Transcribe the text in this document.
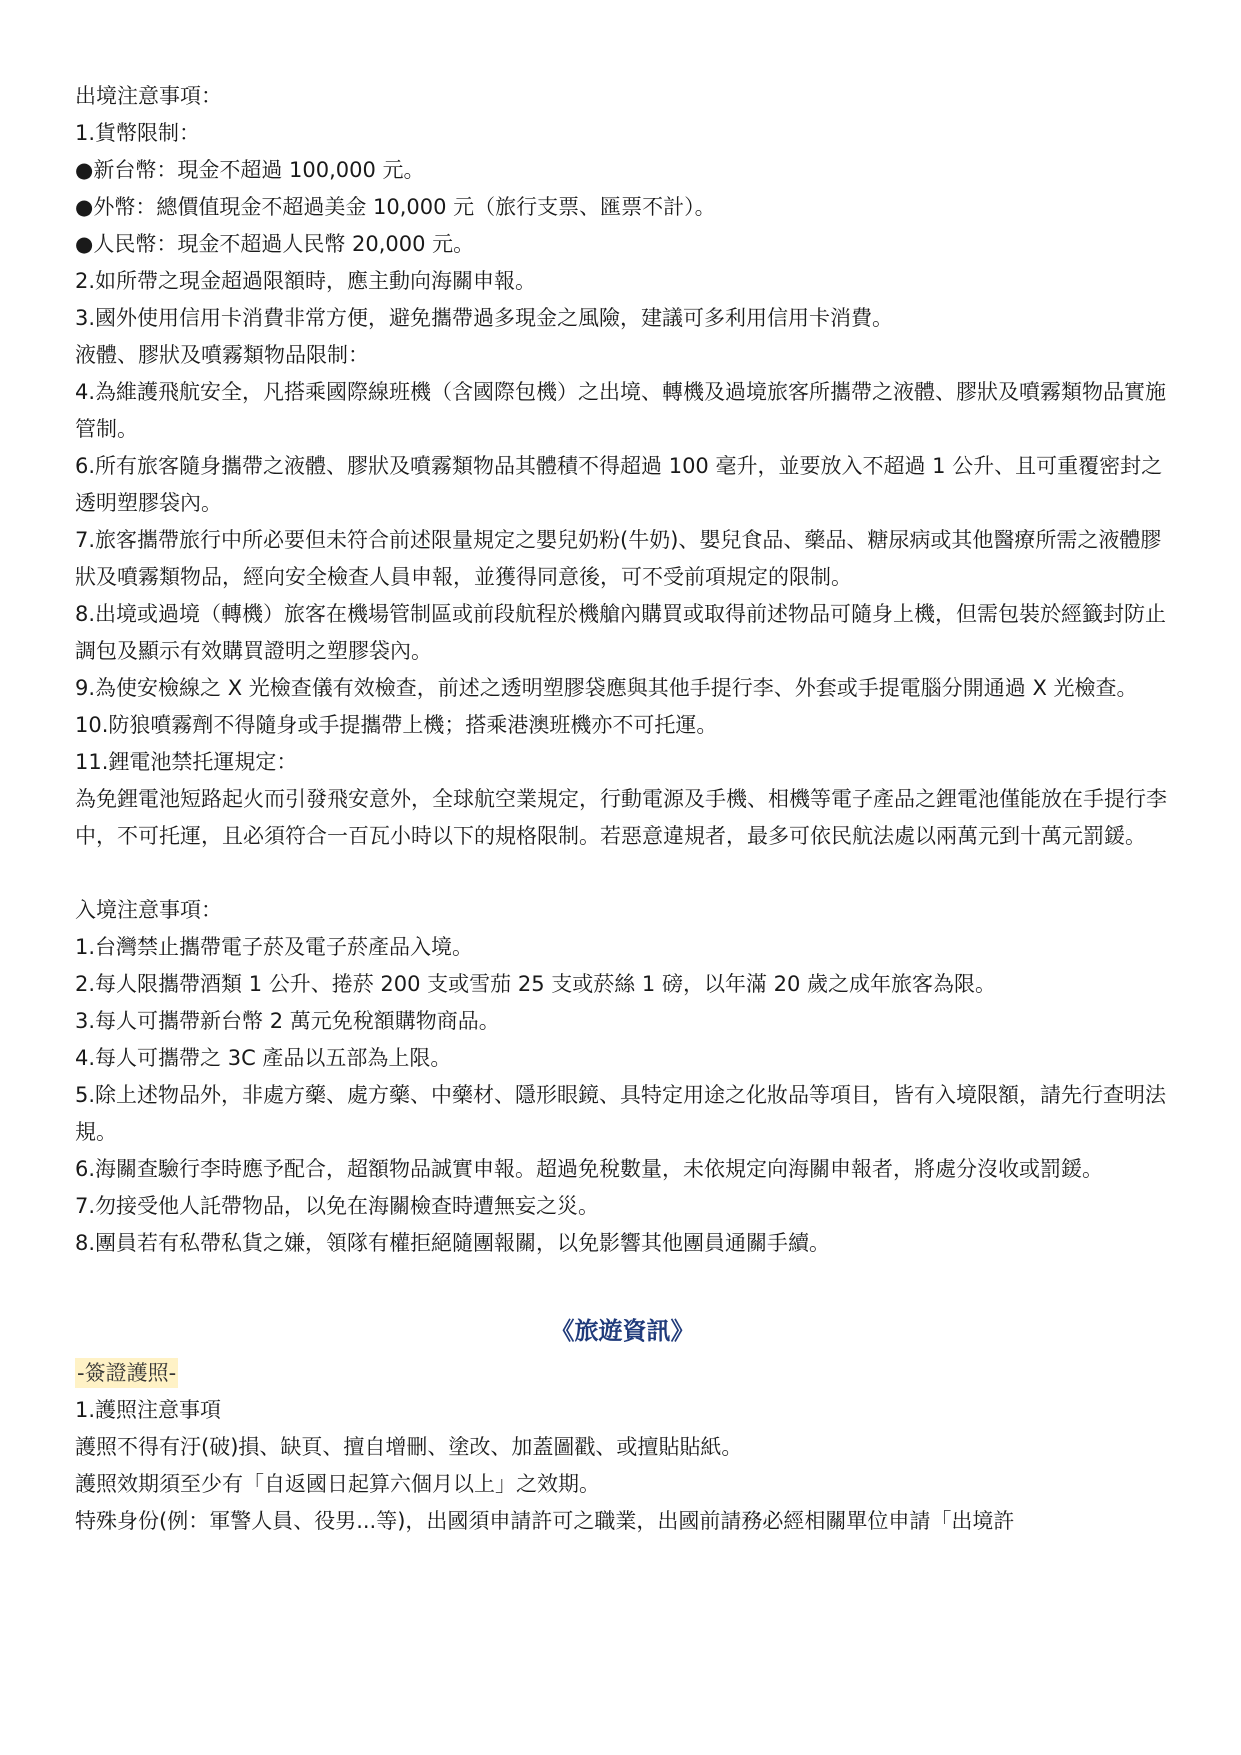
出境注意事項：

1.貨幣限制：

●新台幣：現金不超過 100,000 元。

●外幣：總價值現金不超過美金 10,000 元（旅行支票、匯票不計）。

●人民幣：現金不超過人民幣 20,000 元。

2.如所帶之現金超過限額時，應主動向海關申報。

3.國外使用信用卡消費非常方便，避免攜帶過多現金之風險，建議可多利用信用卡消費。

液體、膠狀及噴霧類物品限制：

4.為維護飛航安全，凡搭乘國際線班機（含國際包機）之出境、轉機及過境旅客所攜帶之液體、膠狀及噴霧類物品實施管制。

6.所有旅客隨身攜帶之液體、膠狀及噴霧類物品其體積不得超過 100 毫升，並要放入不超過 1 公升、且可重覆密封之透明塑膠袋內。

7.旅客攜帶旅行中所必要但未符合前述限量規定之嬰兒奶粉(牛奶)、嬰兒食品、藥品、糖尿病或其他醫療所需之液體膠狀及噴霧類物品，經向安全檢查人員申報，並獲得同意後，可不受前項規定的限制。

8.出境或過境（轉機）旅客在機場管制區或前段航程於機艙內購買或取得前述物品可隨身上機，但需包裝於經籤封防止調包及顯示有效購買證明之塑膠袋內。

9.為使安檢線之 X 光檢查儀有效檢查，前述之透明塑膠袋應與其他手提行李、外套或手提電腦分開通過 X 光檢查。

10.防狼噴霧劑不得隨身或手提攜帶上機；搭乘港澳班機亦不可托運。

11.鋰電池禁托運規定：

為免鋰電池短路起火而引發飛安意外，全球航空業規定，行動電源及手機、相機等電子產品之鋰電池僅能放在手提行李中，不可托運，且必須符合一百瓦小時以下的規格限制。若惡意違規者，最多可依民航法處以兩萬元到十萬元罰鍰。

入境注意事項：

1.台灣禁止攜帶電子菸及電子菸產品入境。

2.每人限攜帶酒類 1 公升、捲菸 200 支或雪茄 25 支或菸絲 1 磅，以年滿 20 歲之成年旅客為限。

3.每人可攜帶新台幣 2 萬元免稅額購物商品。

4.每人可攜帶之 3C 產品以五部為上限。

5.除上述物品外，非處方藥、處方藥、中藥材、隱形眼鏡、具特定用途之化妝品等項目，皆有入境限額，請先行查明法規。

6.海關查驗行李時應予配合，超額物品誠實申報。超過免稅數量，未依規定向海關申報者，將處分沒收或罰鍰。

7.勿接受他人託帶物品，以免在海關檢查時遭無妄之災。

8.團員若有私帶私貨之嫌，領隊有權拒絕隨團報關，以免影響其他團員通關手續。

《旅遊資訊》

-簽證護照-

1.護照注意事項

護照不得有汙(破)損、缺頁、擅自增刪、塗改、加蓋圖戳、或擅貼貼紙。

護照效期須至少有「自返國日起算六個月以上」之效期。

特殊身份(例：軍警人員、役男...等)，出國須申請許可之職業，出國前請務必經相關單位申請「出境許
